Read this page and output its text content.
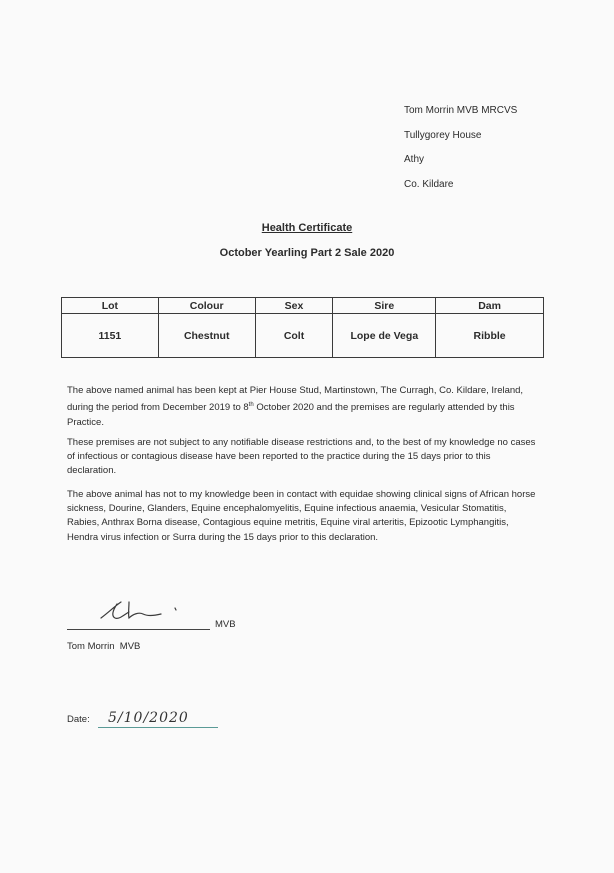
Tom Morrin MVB MRCVS
Tullygorey House
Athy
Co. Kildare
Health Certificate
October Yearling Part 2 Sale 2020
Lot	Colour	Sex	Sire	Dam
1151	Chestnut	Colt	Lope de Vega	Ribble
The above named animal has been kept at Pier House Stud, Martinstown, The Curragh, Co. Kildare, Ireland, during the period from December 2019 to 8th October 2020 and the premises are regularly attended by this Practice.
These premises are not subject to any notifiable disease restrictions and, to the best of my knowledge no cases of infectious or contagious disease have been reported to the practice during the 15 days prior to this declaration.
The above animal has not to my knowledge been in contact with equidae showing clinical signs of African horse sickness, Dourine, Glanders, Equine encephalomyelitis, Equine infectious anaemia, Vesicular Stomatitis, Rabies, Anthrax Borna disease, Contagious equine metritis, Equine viral arteritis, Epizootic Lymphangitis, Hendra virus infection or Surra during the 15 days prior to this declaration.
MVB
Tom Morrin  MVB
Date: 5/10/2020
